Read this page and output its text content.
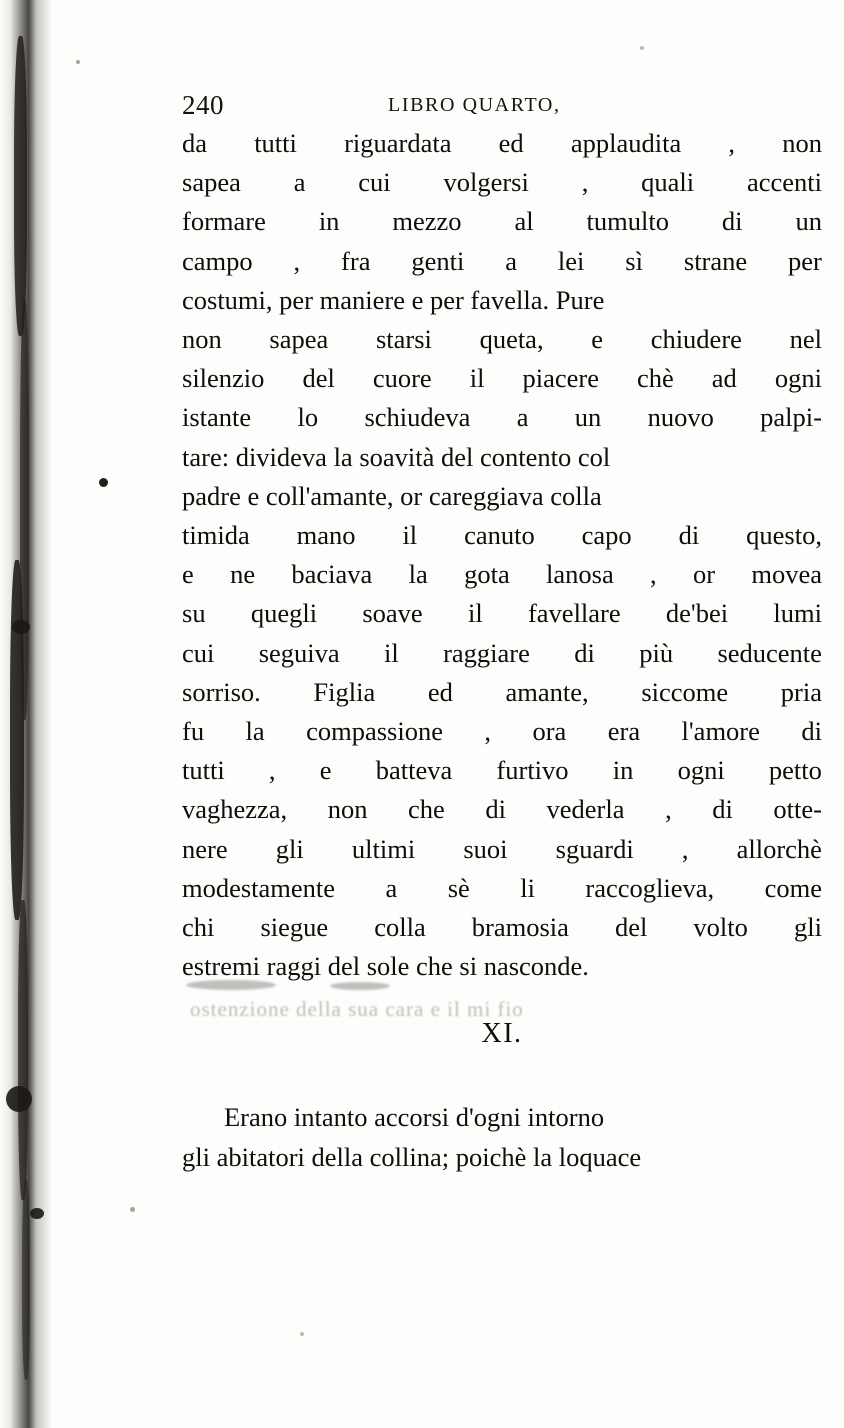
240	LIBRO QUARTO,

da tutti riguardata ed applaudita , non
sapea a cui volgersi , quali accenti
formare in mezzo al tumulto di un
campo , fra genti a lei sì strane per
costumi, per maniere e per favella. Pure
non sapea starsi queta, e chiudere nel
silenzio del cuore il piacere chè ad ogni
istante lo schiudeva a un nuovo palpi-
tare: divideva la soavità del contento col
padre e coll'amante, or careggiava colla
timida mano il canuto capo di questo,
e ne baciava la gota lanosa , or movea
su quegli soave il favellare de'bei lumi
cui seguiva il raggiare di più seducente
sorriso. Figlia ed amante, siccome pria
fu la compassione , ora era l'amore di
tutti , e batteva furtivo in ogni petto
vaghezza, non che di vederla , di otte-
nere gli ultimi suoi sguardi , allorchè
modestamente a sè li raccoglieva, come
chi siegue colla bramosia del volto gli
estremi raggi del sole che si nasconde.

ostenzione della sua cara e il mi fio
XI.

Erano intanto accorsi d'ogni intorno
gli abitatori della collina; poichè la loquace
